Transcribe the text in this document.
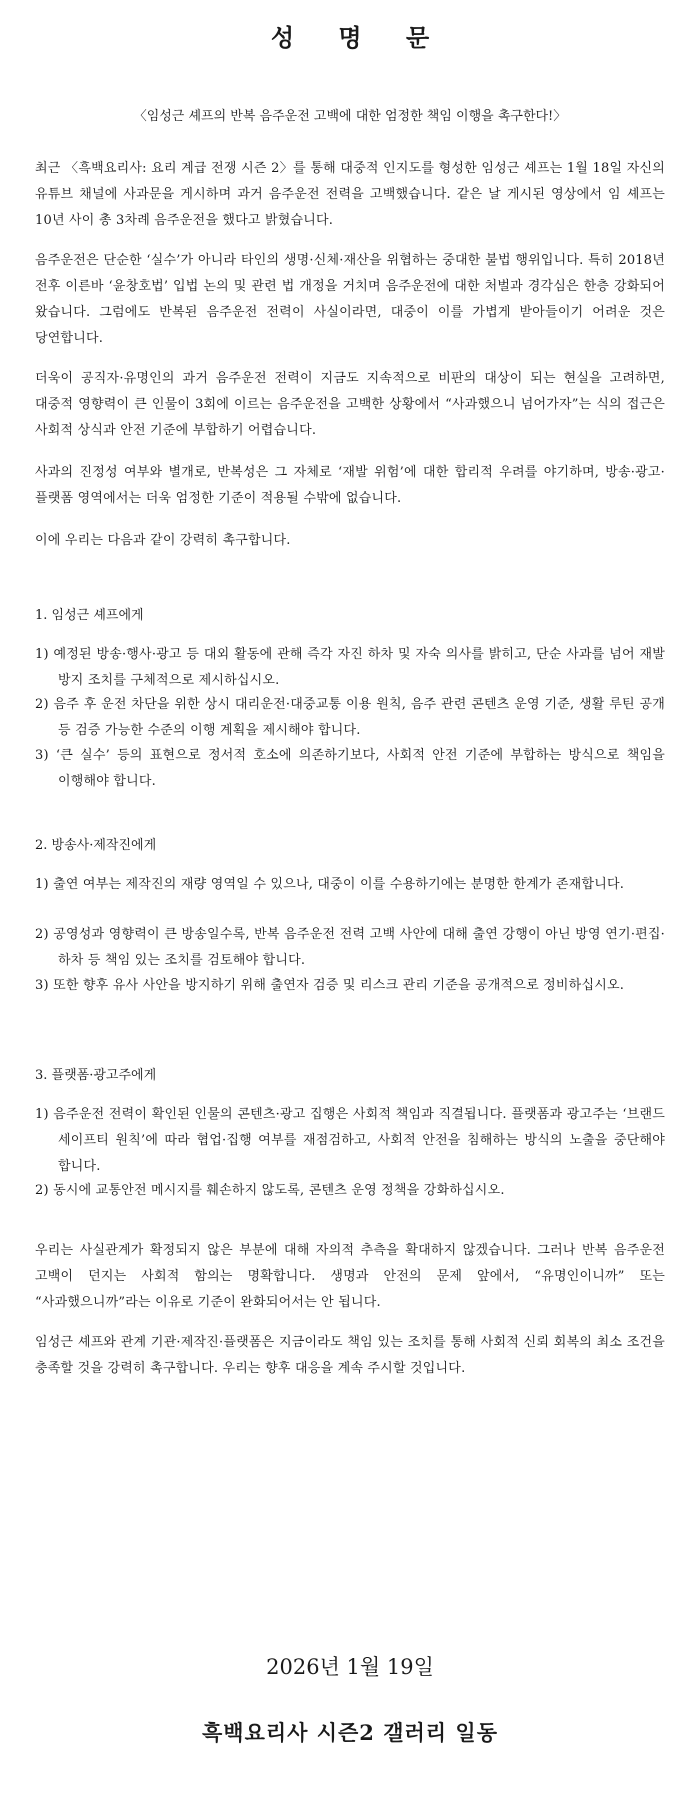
성 명 문
〈임성근 셰프의 반복 음주운전 고백에 대한 엄정한 책임 이행을 촉구한다!〉
최근 〈흑백요리사: 요리 계급 전쟁 시즌 2〉를 통해 대중적 인지도를 형성한 임성근 셰프는 1월 18일 자신의 유튜브 채널에 사과문을 게시하며 과거 음주운전 전력을 고백했습니다. 같은 날 게시된 영상에서 임 셰프는 10년 사이 총 3차례 음주운전을 했다고 밝혔습니다.
음주운전은 단순한 ‘실수’가 아니라 타인의 생명·신체·재산을 위협하는 중대한 불법 행위입니다. 특히 2018년 전후 이른바 ‘윤창호법’ 입법 논의 및 관련 법 개정을 거치며 음주운전에 대한 처벌과 경각심은 한층 강화되어 왔습니다. 그럼에도 반복된 음주운전 전력이 사실이라면, 대중이 이를 가볍게 받아들이기 어려운 것은 당연합니다.
더욱이 공직자·유명인의 과거 음주운전 전력이 지금도 지속적으로 비판의 대상이 되는 현실을 고려하면, 대중적 영향력이 큰 인물이 3회에 이르는 음주운전을 고백한 상황에서 “사과했으니 넘어가자”는 식의 접근은 사회적 상식과 안전 기준에 부합하기 어렵습니다.
사과의 진정성 여부와 별개로, 반복성은 그 자체로 ‘재발 위험’에 대한 합리적 우려를 야기하며, 방송·광고·플랫폼 영역에서는 더욱 엄정한 기준이 적용될 수밖에 없습니다.
이에 우리는 다음과 같이 강력히 촉구합니다.
1. 임성근 셰프에게
1) 예정된 방송·행사·광고 등 대외 활동에 관해 즉각 자진 하차 및 자숙 의사를 밝히고, 단순 사과를 넘어 재발 방지 조치를 구체적으로 제시하십시오.
2) 음주 후 운전 차단을 위한 상시 대리운전·대중교통 이용 원칙, 음주 관련 콘텐츠 운영 기준, 생활 루틴 공개 등 검증 가능한 수준의 이행 계획을 제시해야 합니다.
3) ‘큰 실수’ 등의 표현으로 정서적 호소에 의존하기보다, 사회적 안전 기준에 부합하는 방식으로 책임을 이행해야 합니다.
2. 방송사·제작진에게
1) 출연 여부는 제작진의 재량 영역일 수 있으나, 대중이 이를 수용하기에는 분명한 한계가 존재합니다.
2) 공영성과 영향력이 큰 방송일수록, 반복 음주운전 전력 고백 사안에 대해 출연 강행이 아닌 방영 연기·편집·하차 등 책임 있는 조치를 검토해야 합니다.
3) 또한 향후 유사 사안을 방지하기 위해 출연자 검증 및 리스크 관리 기준을 공개적으로 정비하십시오.
3. 플랫폼·광고주에게
1) 음주운전 전력이 확인된 인물의 콘텐츠·광고 집행은 사회적 책임과 직결됩니다. 플랫폼과 광고주는 ‘브랜드 세이프티 원칙’에 따라 협업·집행 여부를 재점검하고, 사회적 안전을 침해하는 방식의 노출을 중단해야 합니다.
2) 동시에 교통안전 메시지를 훼손하지 않도록, 콘텐츠 운영 정책을 강화하십시오.
우리는 사실관계가 확정되지 않은 부분에 대해 자의적 추측을 확대하지 않겠습니다. 그러나 반복 음주운전 고백이 던지는 사회적 함의는 명확합니다. 생명과 안전의 문제 앞에서, “유명인이니까” 또는 “사과했으니까”라는 이유로 기준이 완화되어서는 안 됩니다.
임성근 셰프와 관계 기관·제작진·플랫폼은 지금이라도 책임 있는 조치를 통해 사회적 신뢰 회복의 최소 조건을 충족할 것을 강력히 촉구합니다. 우리는 향후 대응을 계속 주시할 것입니다.
2026년 1월 19일
흑백요리사 시즌2 갤러리 일동
